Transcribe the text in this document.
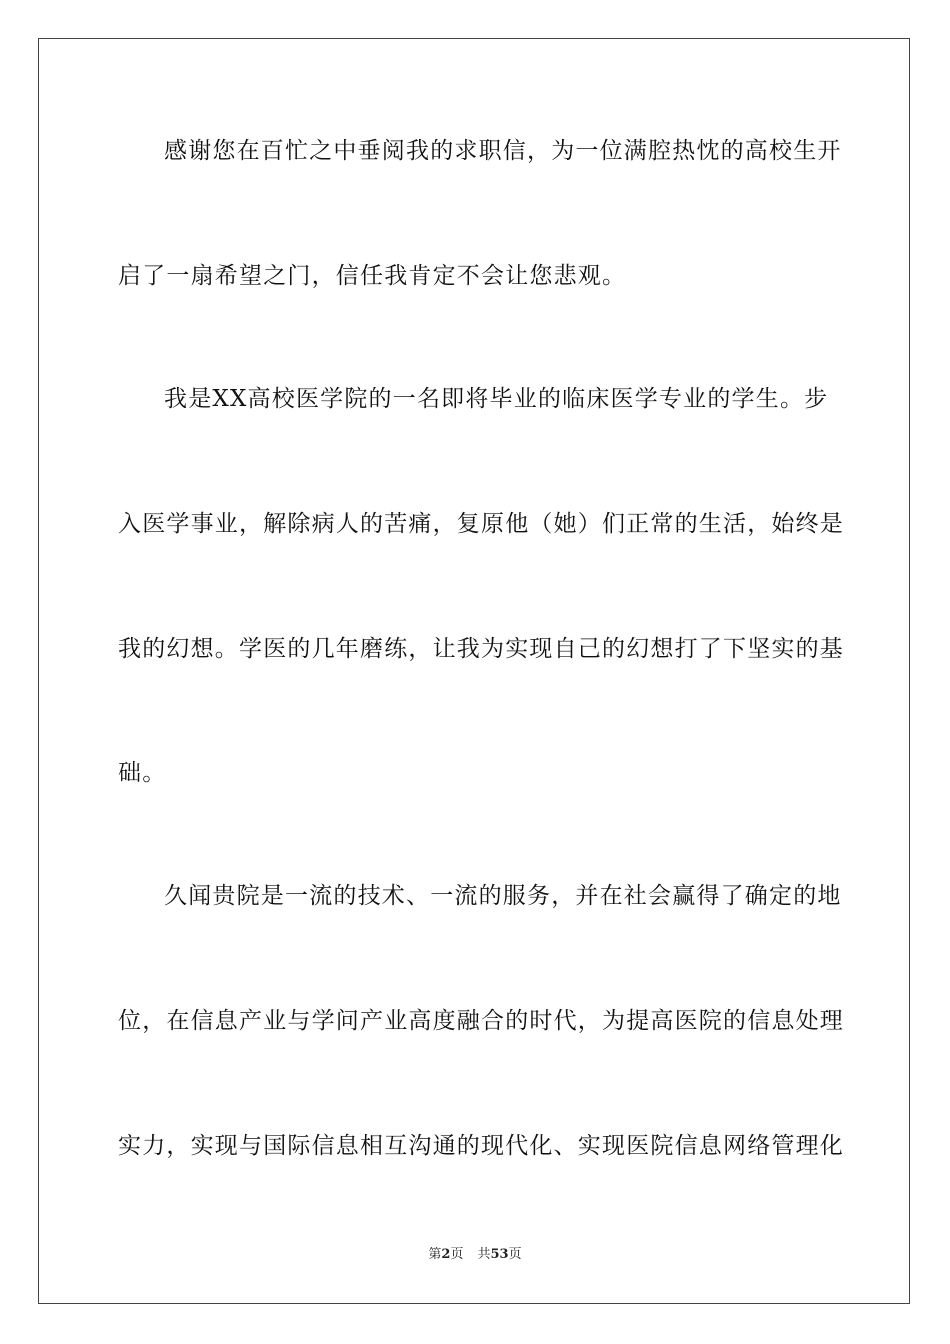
感谢您在百忙之中垂阅我的求职信，为一位满腔热忱的高校生开
启了一扇希望之门，信任我肯定不会让您悲观。
我是XX高校医学院的一名即将毕业的临床医学专业的学生。步
入医学事业，解除病人的苦痛，复原他（她）们正常的生活，始终是
我的幻想。学医的几年磨练，让我为实现自己的幻想打了下坚实的基
础。
久闻贵院是一流的技术、一流的服务，并在社会赢得了确定的地
位，在信息产业与学问产业高度融合的时代，为提高医院的信息处理
实力，实现与国际信息相互沟通的现代化、实现医院信息网络管理化
第2页 共53页
